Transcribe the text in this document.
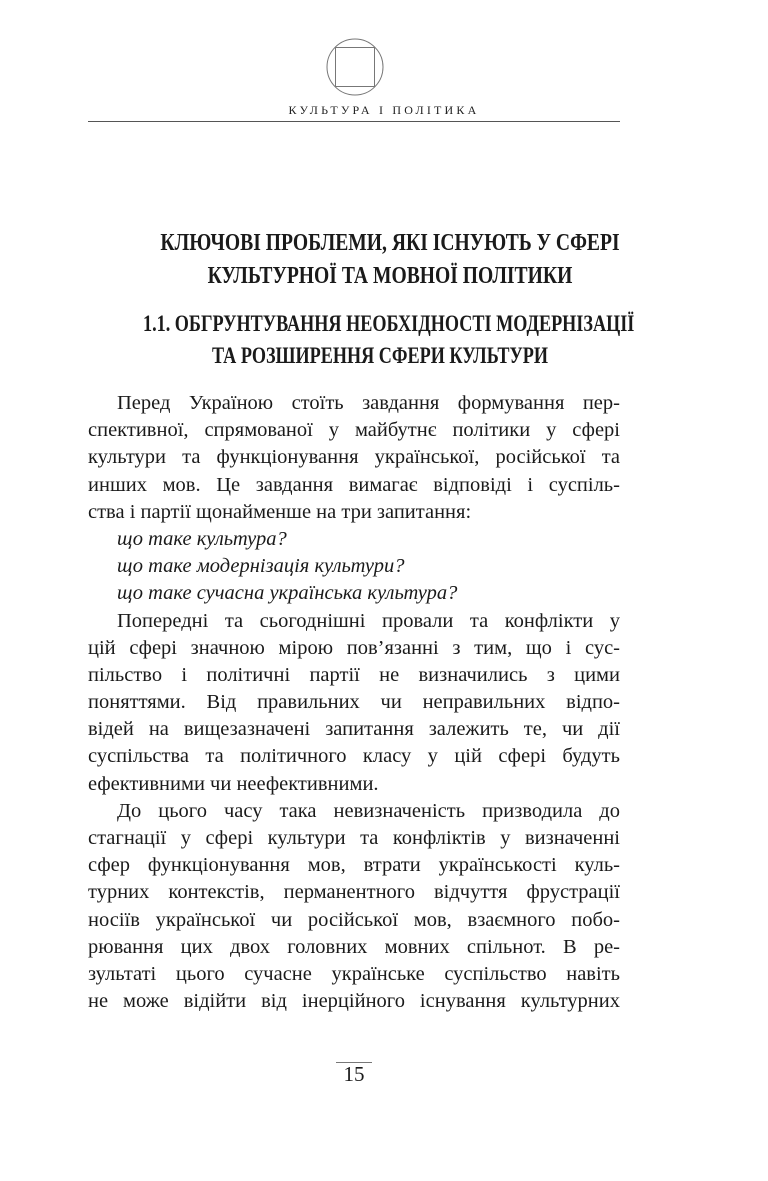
КУЛЬТУРА І ПОЛІТИКА
КЛЮЧОВІ ПРОБЛЕМИ, ЯКІ ІСНУЮТЬ У СФЕРІ
КУЛЬТУРНОЇ ТА МОВНОЇ ПОЛІТИКИ
1.1. ОБГРУНТУВАННЯ НЕОБХІДНОСТІ МОДЕРНІЗАЦІЇ
ТА РОЗШИРЕННЯ СФЕРИ КУЛЬТУРИ
Перед Україною стоїть завдання формування пер-
спективної, спрямованої у майбутнє політики у сфері
культури та функціонування української, російської та
инших мов. Це завдання вимагає відповіді і суспіль-
ства і партії щонайменше на три запитання:
що таке культура?
що таке модернізація культури?
що таке сучасна українська культура?
Попередні та сьогоднішні провали та конфлікти у
цій сфері значною мірою пов’язанні з тим, що і сус-
пільство і політичні партії не визначились з цими
поняттями. Від правильних чи неправильних відпо-
відей на вищезазначені запитання залежить те, чи дії
суспільства та політичного класу у цій сфері будуть
ефективними чи неефективними.
До цього часу така невизначеність призводила до
стагнації у сфері культури та конфліктів у визначенні
сфер функціонування мов, втрати українськості куль-
турних контекстів, перманентного відчуття фрустрації
носіїв української чи російської мов, взаємного побо-
рювання цих двох головних мовних спільнот. В ре-
зультаті цього сучасне українське суспільство навіть
не може відійти від інерційного існування культурних
15
